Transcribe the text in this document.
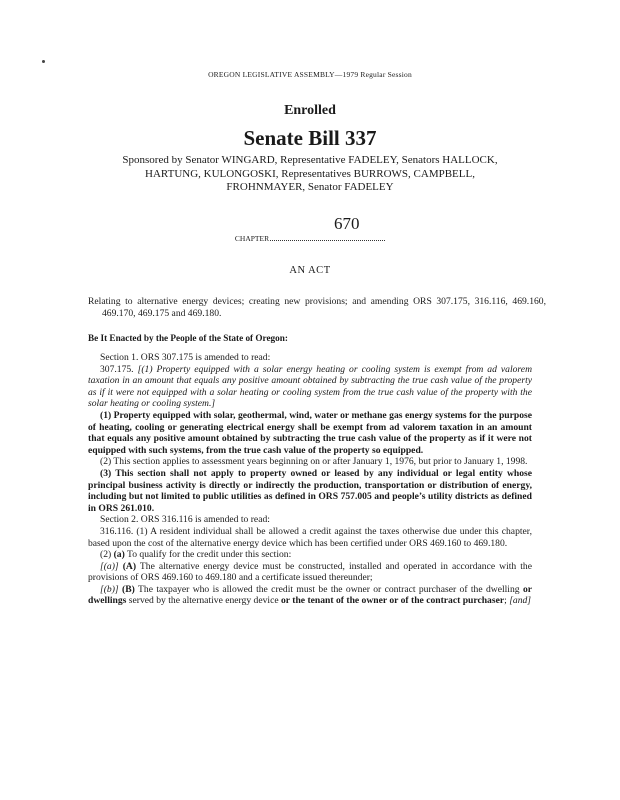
OREGON LEGISLATIVE ASSEMBLY—1979 Regular Session
Enrolled
Senate Bill 337
Sponsored by Senator WINGARD, Representative FADELEY, Senators HALLOCK, HARTUNG, KULONGOSKI, Representatives BURROWS, CAMPBELL, FROHNMAYER, Senator FADELEY
$_{CHAPTER}$
670
AN ACT
Relating to alternative energy devices; creating new provisions; and amending ORS 307.175, 316.116, 469.160, 469.170, 469.175 and 469.180.
Be It Enacted by the People of the State of Oregon:

Section 1. ORS 307.175 is amended to read:

307.175. [(1) Property equipped with a solar energy heating or cooling system is exempt from ad valorem taxation in an amount that equals any positive amount obtained by subtracting the true cash value of the property as if it were not equipped with a solar heating or cooling system from the true cash value of the property with the solar heating or cooling system.]

(1) Property equipped with solar, geothermal, wind, water or methane gas energy systems for the purpose of heating, cooling or generating electrical energy shall be exempt from ad valorem taxation in an amount that equals any positive amount obtained by subtracting the true cash value of the property as if it were not equipped with such systems, from the true cash value of the property so equipped.

(2) This section applies to assessment years beginning on or after January 1, 1976, but prior to January 1, 1998.

(3) This section shall not apply to property owned or leased by any individual or legal entity whose principal business activity is directly or indirectly the production, transportation or distribution of energy, including but not limited to public utilities as defined in ORS 757.005 and people’s utility districts as defined in ORS 261.010.

Section 2. ORS 316.116 is amended to read:

316.116. (1) A resident individual shall be allowed a credit against the taxes otherwise due under this chapter, based upon the cost of the alternative energy device which has been certified under ORS 469.160 to 469.180.

(2) (a) To qualify for the credit under this section:

[(a)] (A) The alternative energy device must be constructed, installed and operated in accordance with the provisions of ORS 469.160 to 469.180 and a certificate issued thereunder;

[(b)] (B) The taxpayer who is allowed the credit must be the owner or contract purchaser of the dwelling or dwellings served by the alternative energy device or the tenant of the owner or of the contract purchaser; [and]
